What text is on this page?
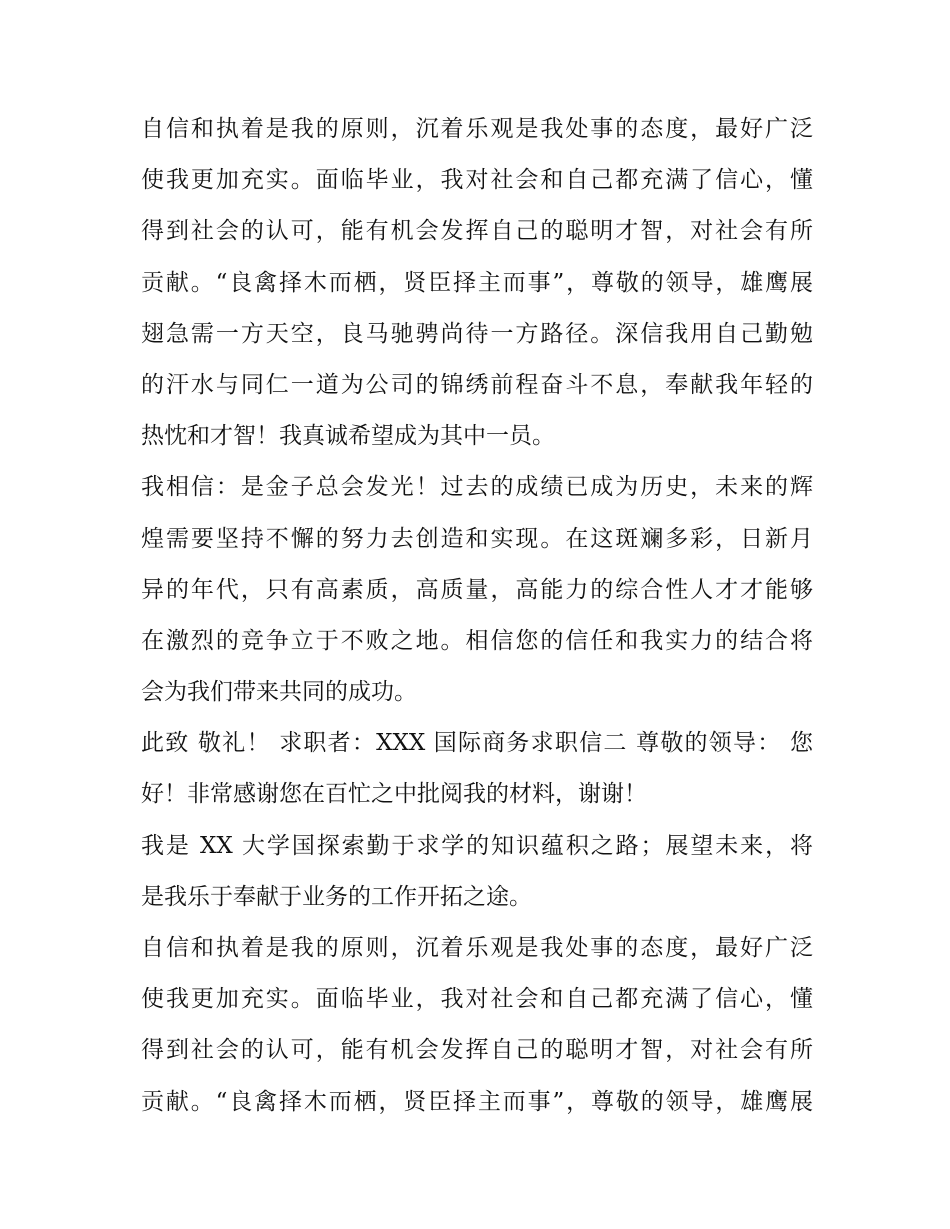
自信和执着是我的原则，沉着乐观是我处事的态度，最好广泛
使我更加充实。面临毕业，我对社会和自己都充满了信心，懂
得到社会的认可，能有机会发挥自己的聪明才智，对社会有所
贡献。“良禽择木而栖，贤臣择主而事”，尊敬的领导，雄鹰展
翅急需一方天空，良马驰骋尚待一方路径。深信我用自己勤勉
的汗水与同仁一道为公司的锦绣前程奋斗不息，奉献我年轻的
热忱和才智！我真诚希望成为其中一员。
我相信：是金子总会发光！过去的成绩已成为历史，未来的辉
煌需要坚持不懈的努力去创造和实现。在这斑斓多彩，日新月
异的年代，只有高素质，高质量，高能力的综合性人才才能够
在激烈的竞争立于不败之地。相信您的信任和我实力的结合将
会为我们带来共同的成功。
此致 敬礼！ 求职者：XXX 国际商务求职信二 尊敬的领导： 您
好！非常感谢您在百忙之中批阅我的材料，谢谢！
我是 XX 大学国探索勤于求学的知识蕴积之路；展望未来，将
是我乐于奉献于业务的工作开拓之途。
自信和执着是我的原则，沉着乐观是我处事的态度，最好广泛
使我更加充实。面临毕业，我对社会和自己都充满了信心，懂
得到社会的认可，能有机会发挥自己的聪明才智，对社会有所
贡献。“良禽择木而栖，贤臣择主而事”，尊敬的领导，雄鹰展
